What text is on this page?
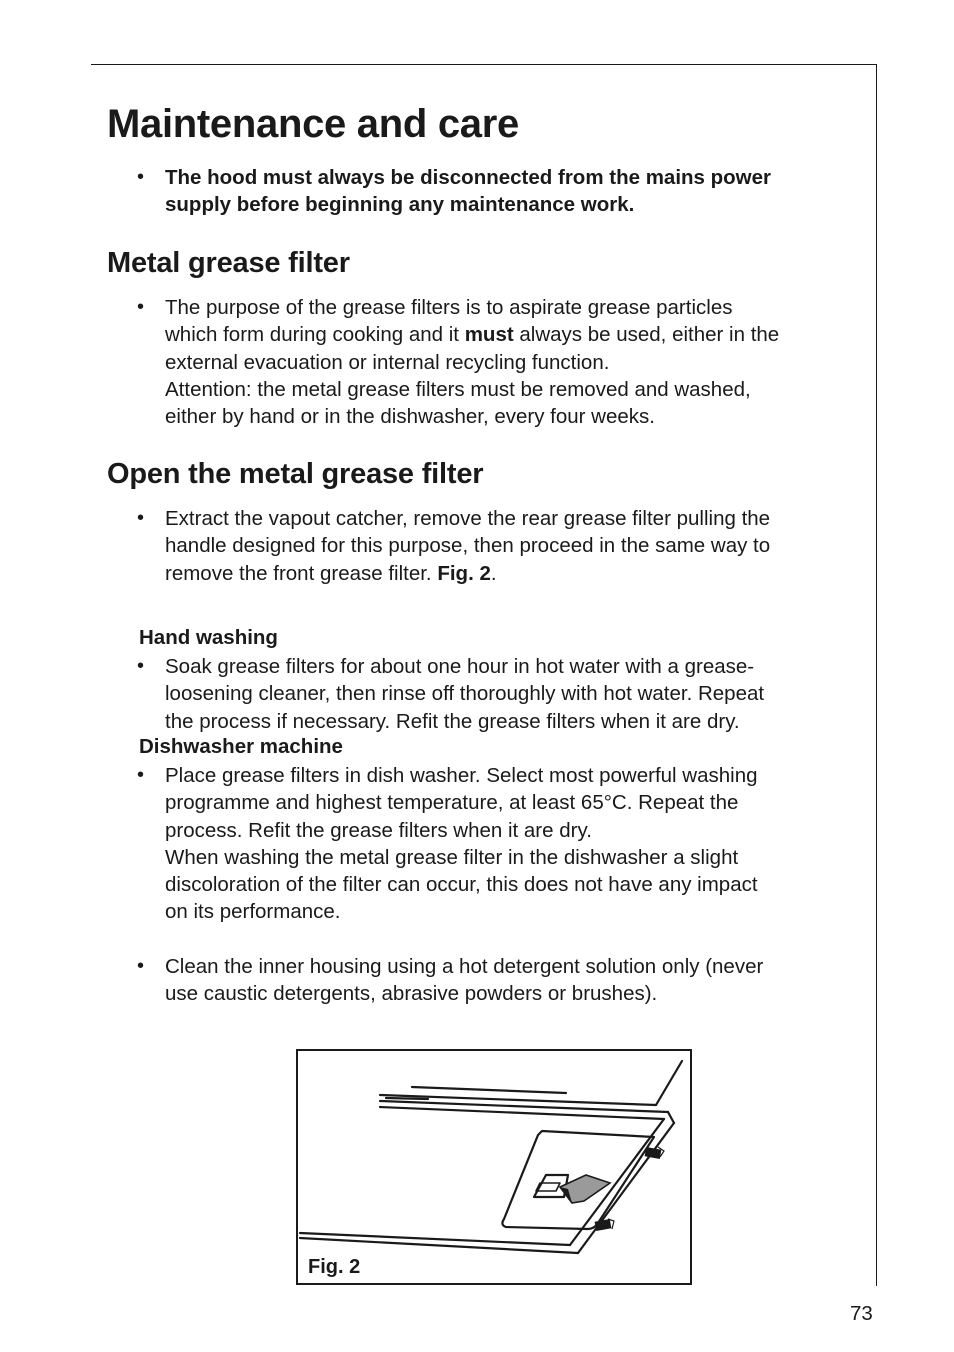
Maintenance and care
• The hood must always be disconnected from the mains power
supply before beginning any maintenance work.
Metal grease filter
• The purpose of the grease filters is to aspirate grease particles
which form during cooking and it must always be used, either in the
external evacuation or internal recycling function.
Attention: the metal grease filters must be removed and washed,
either by hand or in the dishwasher, every four weeks.
Open the metal grease filter
• Extract the vapout catcher, remove the rear grease filter pulling the
handle designed for this purpose, then proceed in the same way to
remove the front grease filter. Fig. 2.
Hand washing
• Soak grease filters for about one hour in hot water with a grease-
loosening cleaner, then rinse off thoroughly with hot water. Repeat
the process if necessary. Refit the grease filters when it are dry.
Dishwasher machine
• Place grease filters in dish washer. Select most powerful washing
programme and highest temperature, at least 65°C. Repeat the
process. Refit the grease filters when it are dry.
When washing the metal grease filter in the dishwasher a slight
discoloration of the filter can occur, this does not have any impact
on its performance.
• Clean the inner housing using a hot detergent solution only (never
use caustic detergents, abrasive powders or brushes).
Fig. 2
73
